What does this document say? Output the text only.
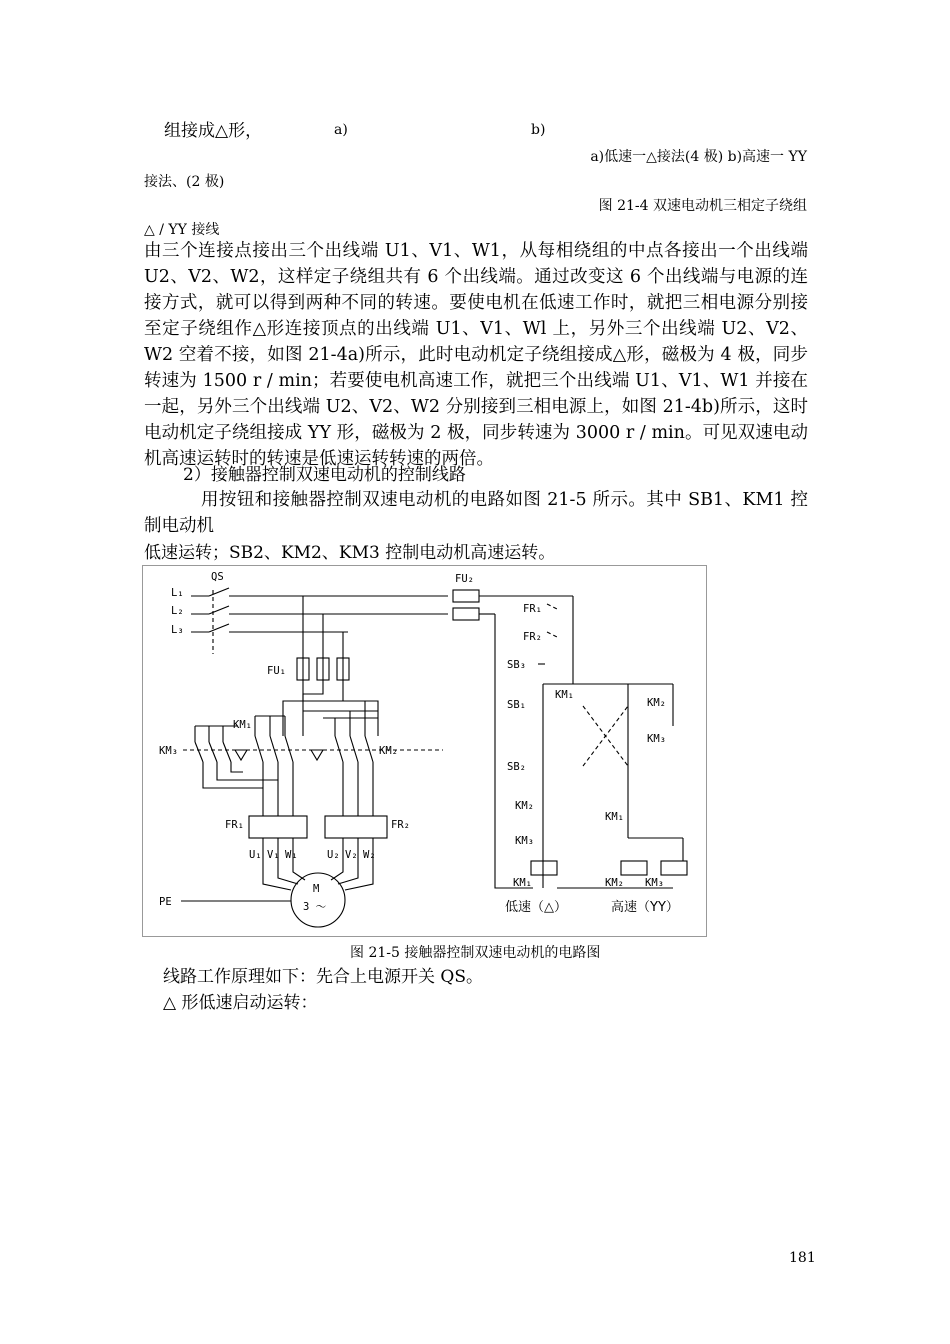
组接成△形，	a)	b)
a)低速一△接法(4 极) b)高速一 YY
接法、(2 极)
图 21-4 双速电动机三相定子绕组
△ / YY 接线
由三个连接点接出三个出线端 U1、V1、W1，从每相绕组的中点各接出一个出线端 U2、V2、W2，这样定子绕组共有 6 个出线端。通过改变这 6 个出线端与电源的连接方式，就可以得到两种不同的转速。要使电机在低速工作时，就把三相电源分别接至定子绕组作△形连接顶点的出线端 U1、V1、Wl 上，另外三个出线端 U2、V2、W2 空着不接，如图 21-4a)所示，此时电动机定子绕组接成△形，磁极为 4 极，同步转速为 1500 r / min；若要使电机高速工作，就把三个出线端 U1、V1、W1 并接在一起，另外三个出线端 U2、V2、W2 分别接到三相电源上，如图 21-4b)所示，这时电动机定子绕组接成 YY 形，磁极为 2 极，同步转速为 3000 r / min。可见双速电动机高速运转时的转速是低速运转转速的两倍。
2）接触器控制双速电动机的控制线路
用按钮和接触器控制双速电动机的电路如图 21-5 所示。其中 SB1、KM1 控制电动机
低速运转；SB2、KM2、KM3 控制电动机高速运转。
QS
L₁
L₂
L₃
FU₁
KM₃
KM₁
KM₂
FR₁	FR₂
U₁ V₁ W₁	U₂ V₂ W₂
M
3 ～
PE
FU₂
FR₁
FR₂
SB₃
SB₁
KM₁
KM₂
KM₃
SB₂
KM₂
KM₃
KM₁
KM₁	KM₂ KM₃
低速（△）	高速（YY）
图 21-5 接触器控制双速电动机的电路图
线路工作原理如下：先合上电源开关 QS。
△ 形低速启动运转：
181
